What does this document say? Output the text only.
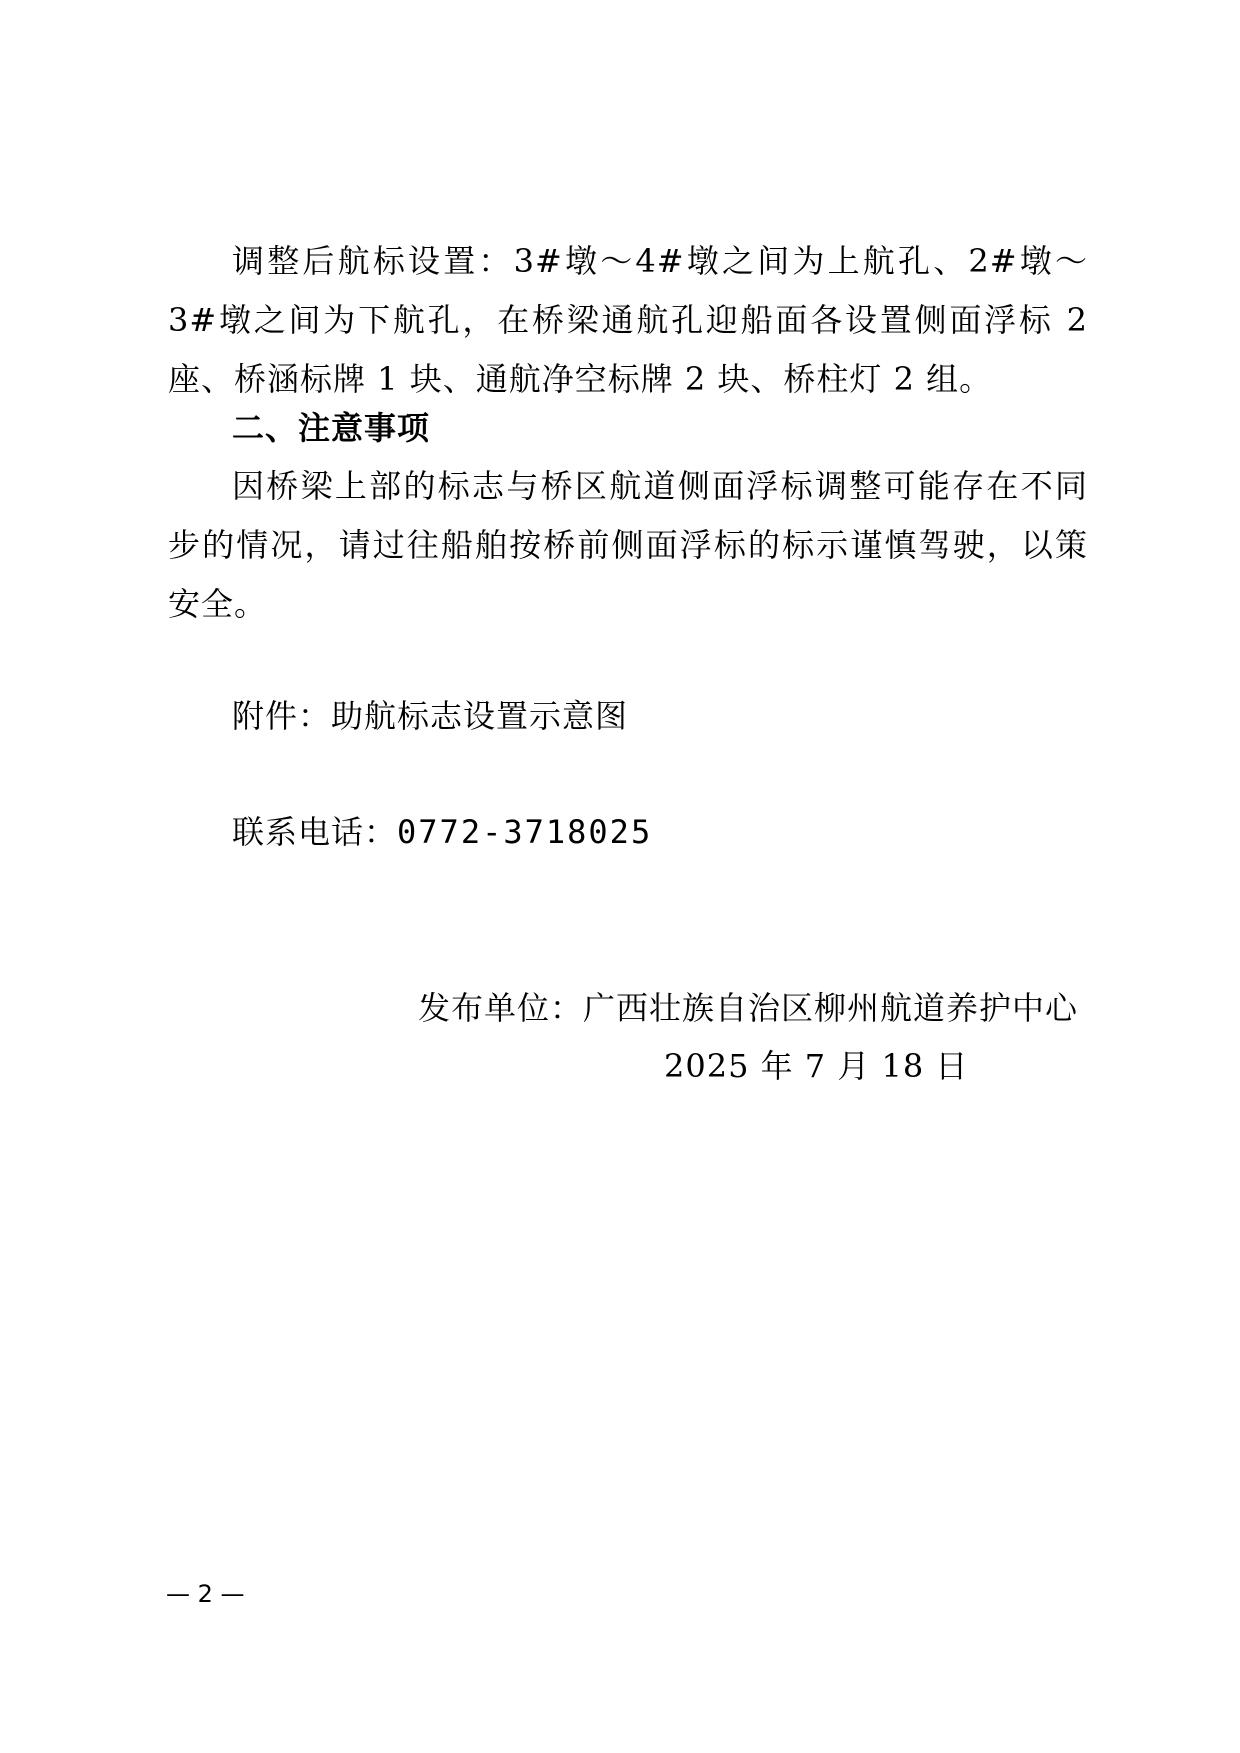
调整后航标设置：3#墩～4#墩之间为上航孔、2#墩～3#墩之间为下航孔，在桥梁通航孔迎船面各设置侧面浮标 2 座、桥涵标牌 1 块、通航净空标牌 2 块、桥柱灯 2 组。

二、注意事项

因桥梁上部的标志与桥区航道侧面浮标调整可能存在不同步的情况，请过往船舶按桥前侧面浮标的标示谨慎驾驶，以策安全。

附件：助航标志设置示意图
联系电话：0772-3718025
发布单位：广西壮族自治区柳州航道养护中心
2025 年 7 月 18 日
— 2 —
